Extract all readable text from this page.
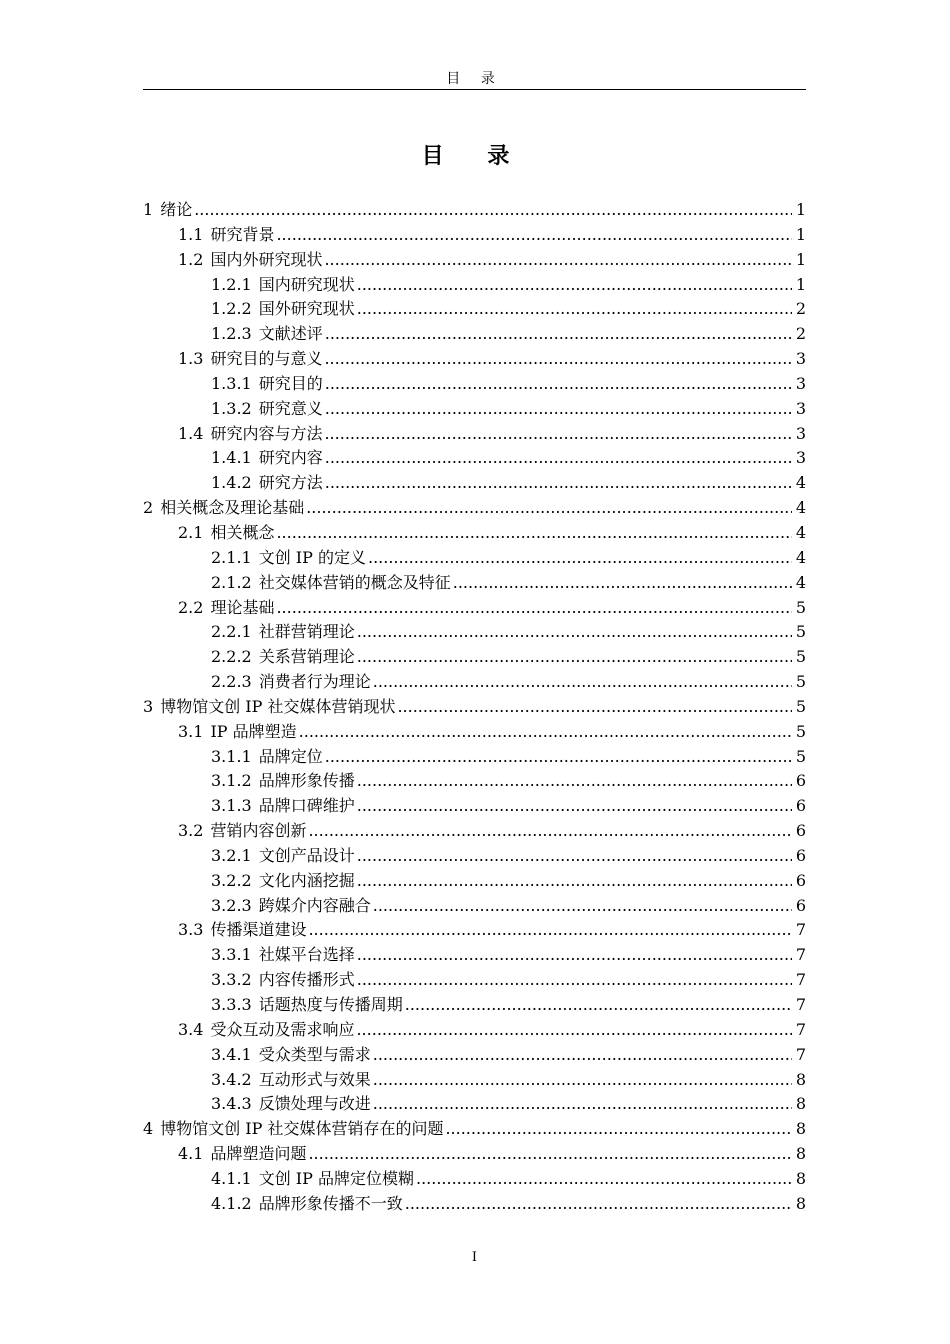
目 录
目 录
1 绪论 .....	1
1.1 研究背景 .....	1
1.2 国内外研究现状 .....	1
1.2.1 国内研究现状 .....	1
1.2.2 国外研究现状 .....	2
1.2.3 文献述评 .....	2
1.3 研究目的与意义 .....	3
1.3.1 研究目的 .....	3
1.3.2 研究意义 .....	3
1.4 研究内容与方法 .....	3
1.4.1 研究内容 .....	3
1.4.2 研究方法 .....	4
2 相关概念及理论基础 .....	4
2.1 相关概念 .....	4
2.1.1 文创 IP 的定义 .....	4
2.1.2 社交媒体营销的概念及特征 .....	4
2.2 理论基础 .....	5
2.2.1 社群营销理论 .....	5
2.2.2 关系营销理论 .....	5
2.2.3 消费者行为理论 .....	5
3 博物馆文创 IP 社交媒体营销现状 .....	5
3.1 IP 品牌塑造 .....	5
3.1.1 品牌定位 .....	5
3.1.2 品牌形象传播 .....	6
3.1.3 品牌口碑维护 .....	6
3.2 营销内容创新 .....	6
3.2.1 文创产品设计 .....	6
3.2.2 文化内涵挖掘 .....	6
3.2.3 跨媒介内容融合 .....	6
3.3 传播渠道建设 .....	7
3.3.1 社媒平台选择 .....	7
3.3.2 内容传播形式 .....	7
3.3.3 话题热度与传播周期 .....	7
3.4 受众互动及需求响应 .....	7
3.4.1 受众类型与需求 .....	7
3.4.2 互动形式与效果 .....	8
3.4.3 反馈处理与改进 .....	8
4 博物馆文创 IP 社交媒体营销存在的问题 .....	8
4.1 品牌塑造问题 .....	8
4.1.1 文创 IP 品牌定位模糊 .....	8
4.1.2 品牌形象传播不一致 .....	8
I
